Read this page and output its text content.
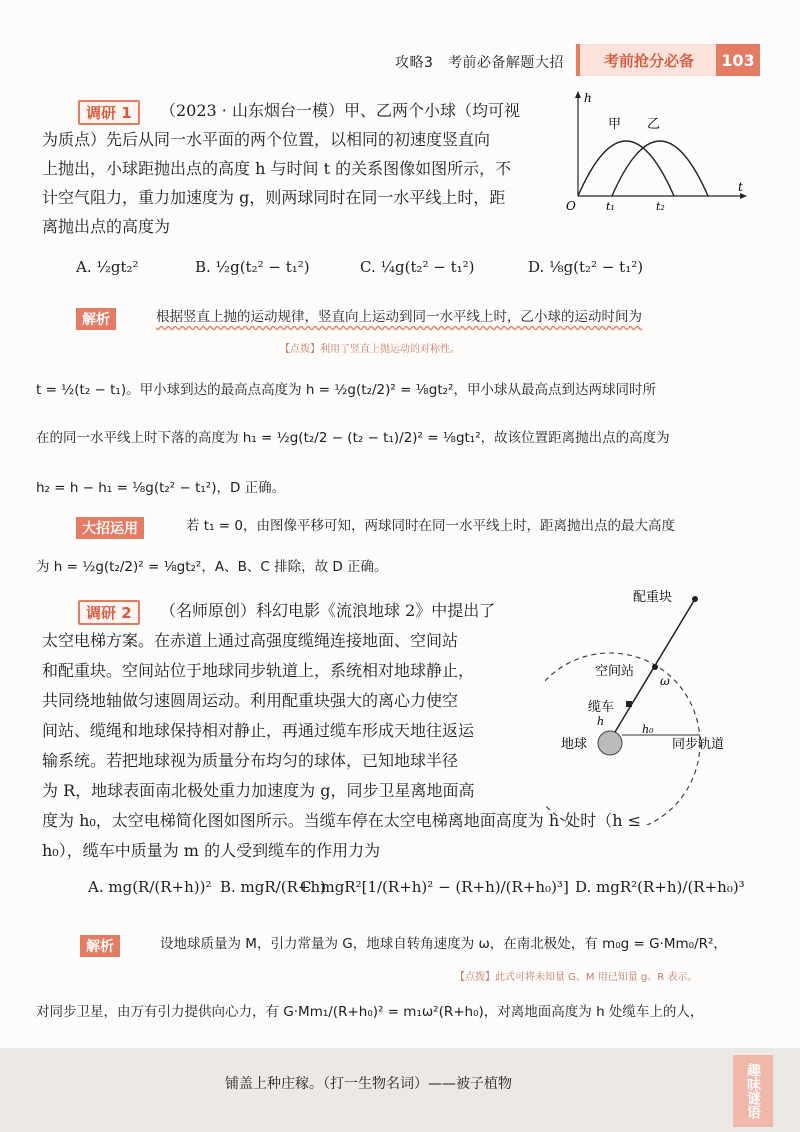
攻略3　考前必备解题大招	考前抢分必备	103
调研 1	（2023 · 山东烟台一模）甲、乙两个小球（均可视
为质点）先后从同一水平面的两个位置，以相同的初速度竖直向
上抛出，小球距抛出点的高度 h 与时间 t 的关系图像如图所示，不
计空气阻力，重力加速度为 g，则两球同时在同一水平线上时，距
离抛出点的高度为
h
t
O
甲 乙
t₁	t₂
A. ½gt₂²	B. ½g(t₂² − t₁²)	C. ¼g(t₂² − t₁²)	D. ⅛g(t₂² − t₁²)
解析	根据竖直上抛的运动规律，竖直向上运动到同一水平线上时，乙小球的运动时间为
【点拨】利用了竖直上抛运动的对称性。
t = ½(t₂ − t₁)。甲小球到达的最高点高度为 h = ½g(t₂/2)² = ⅛gt₂²，甲小球从最高点到达两球同时所
在的同一水平线上时下落的高度为 h₁ = ½g(t₂/2 − (t₂ − t₁)/2)² = ⅛gt₁²，故该位置距离抛出点的高度为
h₂ = h − h₁ = ⅛g(t₂² − t₁²)，D 正确。
大招运用	若 t₁ = 0，由图像平移可知，两球同时在同一水平线上时，距离抛出点的最大高度
为 h = ½g(t₂/2)² = ⅛gt₂²，A、B、C 排除，故 D 正确。
调研 2	（名师原创）科幻电影《流浪地球 2》中提出了
太空电梯方案。在赤道上通过高强度缆绳连接地面、空间站
和配重块。空间站位于地球同步轨道上，系统相对地球静止，
共同绕地轴做匀速圆周运动。利用配重块强大的离心力使空
间站、缆绳和地球保持相对静止，再通过缆车形成天地往返运
输系统。若把地球视为质量分布均匀的球体，已知地球半径
为 R，地球表面南北极处重力加速度为 g，同步卫星离地面高
度为 h₀，太空电梯简化图如图所示。当缆车停在太空电梯离地面高度为 h 处时（h ≤
h₀），缆车中质量为 m 的人受到缆车的作用力为
配重块
空间站
缆车
h
h₀
ω
地球	同步轨道
A. mg(R/(R+h))² B. mgR/(R+h)
C. mgR²[1/(R+h)² − (R+h)/(R+h₀)³] D. mgR²(R+h)/(R+h₀)³
解析	设地球质量为 M，引力常量为 G，地球自转角速度为 ω，在南北极处，有 m₀g = G·Mm₀/R²，
【点拨】此式可将未知量 G、M 用已知量 g、R 表示。
对同步卫星，由万有引力提供向心力，有 G·Mm₁/(R+h₀)² = m₁ω²(R+h₀)，对离地面高度为 h 处缆车上的人，
铺盖上种庄稼。（打一生物名词）——被子植物	趣味谜语
